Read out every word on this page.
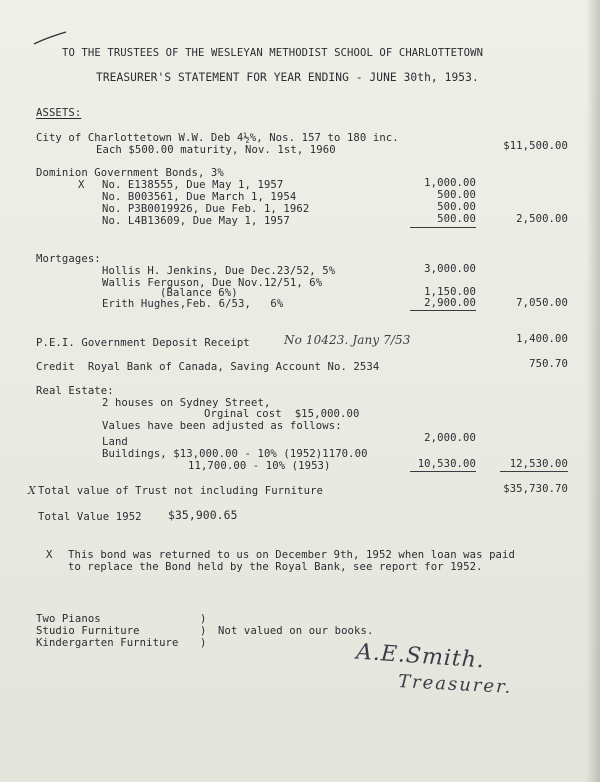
TO THE TRUSTEES OF THE WESLEYAN METHODIST SCHOOL OF CHARLOTTETOWN
TREASURER'S STATEMENT FOR YEAR ENDING - JUNE 30th, 1953.
ASSETS:
City of Charlottetown W.W. Deb 4½%, Nos. 157 to 180 inc.
Each $500.00 maturity, Nov. 1st, 1960	$11,500.00
Dominion Government Bonds, 3%
X No. E138555, Due May 1, 1957	1,000.00
No. B003561, Due March 1, 1954	500.00
No. P3B0019926, Due Feb. 1, 1962	500.00
No. L4B13609, Due May 1, 1957	500.00	2,500.00
Mortgages:
Hollis H. Jenkins, Due Dec.23/52, 5%	3,000.00
Wallis Ferguson, Due Nov.12/51, 6%
(Balance 6%)	1,150.00
Erith Hughes,Feb. 6/53,   6%	2,900.00	7,050.00
P.E.I. Government Deposit Receipt	No 10423. Jany 7/53	1,400.00
Credit  Royal Bank of Canada, Saving Account No. 2534	750.70
Real Estate:
2 houses on Sydney Street,
Orginal cost  $15,000.00
Values have been adjusted as follows:
Land	2,000.00
Buildings, $13,000.00 - 10% (1952)1170.00
11,700.00 - 10% (1953)	10,530.00	12,530.00
X Total value of Trust not including Furniture	$35,730.70
Total Value 1952 $35,900.65
X This bond was returned to us on December 9th, 1952 when loan was paid
to replace the Bond held by the Royal Bank, see report for 1952.
Two Pianos
Studio Furniture
Kindergarten Furniture
)
)
)
Not valued on our books.
A.E.Smith.
Treasurer.
